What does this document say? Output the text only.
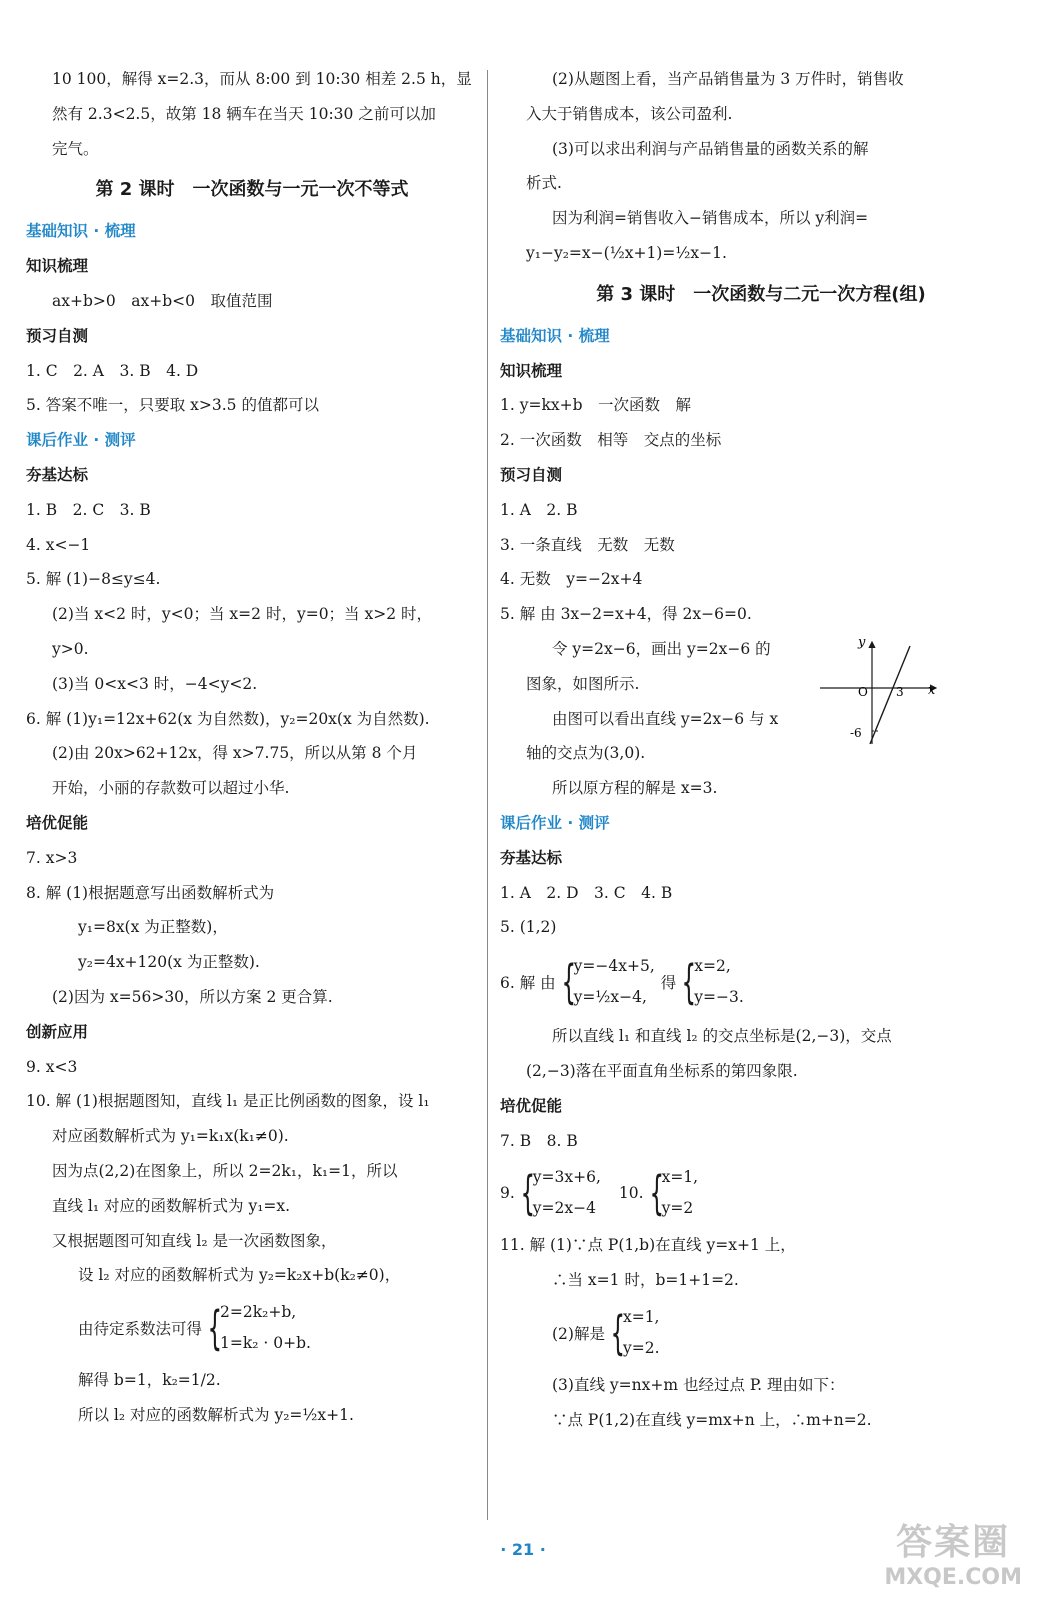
10 100，解得 x=2.3，而从 8:00 到 10:30 相差 2.5 h，显
然有 2.3<2.5，故第 18 辆车在当天 10:30 之前可以加
完气。
第 2 课时　一次函数与一元一次不等式
基础知识 · 梳理
知识梳理
ax+b>0　ax+b<0　取值范围
预习自测
1. C　2. A　3. B　4. D
5. 答案不唯一，只要取 x>3.5 的值都可以
课后作业 · 测评
夯基达标
1. B　2. C　3. B
4. x<−1
5. 解 (1)−8≤y≤4.
(2)当 x<2 时，y<0；当 x=2 时，y=0；当 x>2 时，
y>0.
(3)当 0<x<3 时，−4<y<2.
6. 解 (1)y₁=12x+62(x 为自然数)，y₂=20x(x 为自然数).
(2)由 20x>62+12x，得 x>7.75，所以从第 8 个月
开始，小丽的存款数可以超过小华.
培优促能
7. x>3
8. 解 (1)根据题意写出函数解析式为
y₁=8x(x 为正整数)，
y₂=4x+120(x 为正整数).
(2)因为 x=56>30，所以方案 2 更合算.
创新应用
9. x<3
10. 解 (1)根据题图知，直线 l₁ 是正比例函数的图象，设 l₁
对应函数解析式为 y₁=k₁x(k₁≠0).
因为点(2,2)在图象上，所以 2=2k₁，k₁=1，所以
直线 l₁ 对应的函数解析式为 y₁=x.
又根据题图可知直线 l₂ 是一次函数图象，
设 l₂ 对应的函数解析式为 y₂=k₂x+b(k₂≠0)，
由待定系数法可得 {
2=2k₂+b,
1=k₂ · 0+b.
解得 b=1，k₂=1/2.
所以 l₂ 对应的函数解析式为 y₂=½x+1.
(2)从题图上看，当产品销售量为 3 万件时，销售收
入大于销售成本，该公司盈利.
(3)可以求出利润与产品销售量的函数关系的解
析式.
因为利润=销售收入−销售成本，所以 y利润=
y₁−y₂=x−(½x+1)=½x−1.
第 3 课时　一次函数与二元一次方程(组)
基础知识 · 梳理
知识梳理
1. y=kx+b　一次函数　解
2. 一次函数　相等　交点的坐标
预习自测
1. A　2. B
3. 一条直线　无数　无数
4. 无数　y=−2x+4
5. 解 由 3x−2=x+4，得 2x−6=0.
令 y=2x−6，画出 y=2x−6 的
图象，如图所示.
由图可以看出直线 y=2x−6 与 x
轴的交点为(3,0).
所以原方程的解是 x=3.
课后作业 · 测评
夯基达标
1. A　2. D　3. C　4. B
5. (1,2)
6. 解 由 {
y=−4x+5,
y=½x−4,
得 {
x=2,
y=−3.
所以直线 l₁ 和直线 l₂ 的交点坐标是(2,−3)，交点
(2,−3)落在平面直角坐标系的第四象限.
培优促能
7. B　8. B
9. {
y=3x+6,
y=2x−4
10. {
x=1,
y=2
11. 解 (1)∵点 P(1,b)在直线 y=x+1 上，
∴当 x=1 时，b=1+1=2.
(2)解是 {
x=1,
y=2.
(3)直线 y=nx+m 也经过点 P. 理由如下：
∵点 P(1,2)在直线 y=mx+n 上，∴m+n=2.
y
x
O 3
-6
· 21 ·	答案圈
MXQE.COM
